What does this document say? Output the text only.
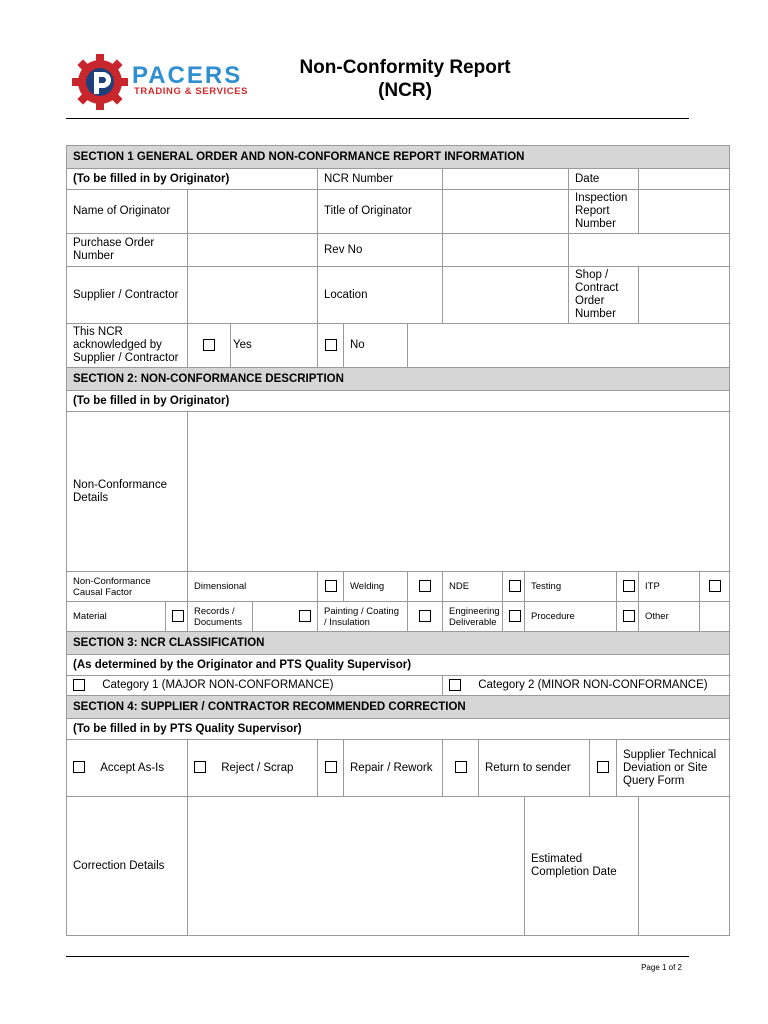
PACERS
TRADING & SERVICES
Non-Conformity Report
(NCR)
SECTION 1 GENERAL ORDER AND NON-CONFORMANCE REPORT INFORMATION																
(To be filled in by Originator)					NCR Number							Date				
Name of Originator					Title of Originator							Inspection Report Number				
Purchase Order Number					Rev No											
Supplier / Contractor					Location							Shop / Contract Order Number				
This NCR acknowledged by Supplier / Contractor			Yes			No										
SECTION 2: NON-CONFORMANCE DESCRIPTION																
(To be filled in by Originator)																
Non-Conformance Details																
Non-Conformance Causal Factor		Dimensional				Welding		NDE			Testing				ITP	
Material		Records / Documents			Painting / Coating / Insulation			Engineering Deliverable			Procedure				Other	
SECTION 3: NCR CLASSIFICATION																
(As determined by the Originator and PTS Quality Supervisor)																
Category 1 (MAJOR NON-CONFORMANCE)								Category 2 (MINOR NON-CONFORMANCE)								
SECTION 4: SUPPLIER / CONTRACTOR RECOMMENDED CORRECTION																
(To be filled in by PTS Quality Supervisor)																
Accept As-Is		Reject / Scrap				Repair / Rework			Return to sender					Supplier Technical Deviation or Site Query Form		
Correction Details											Estimated Completion Date					
Page 1 of 2
